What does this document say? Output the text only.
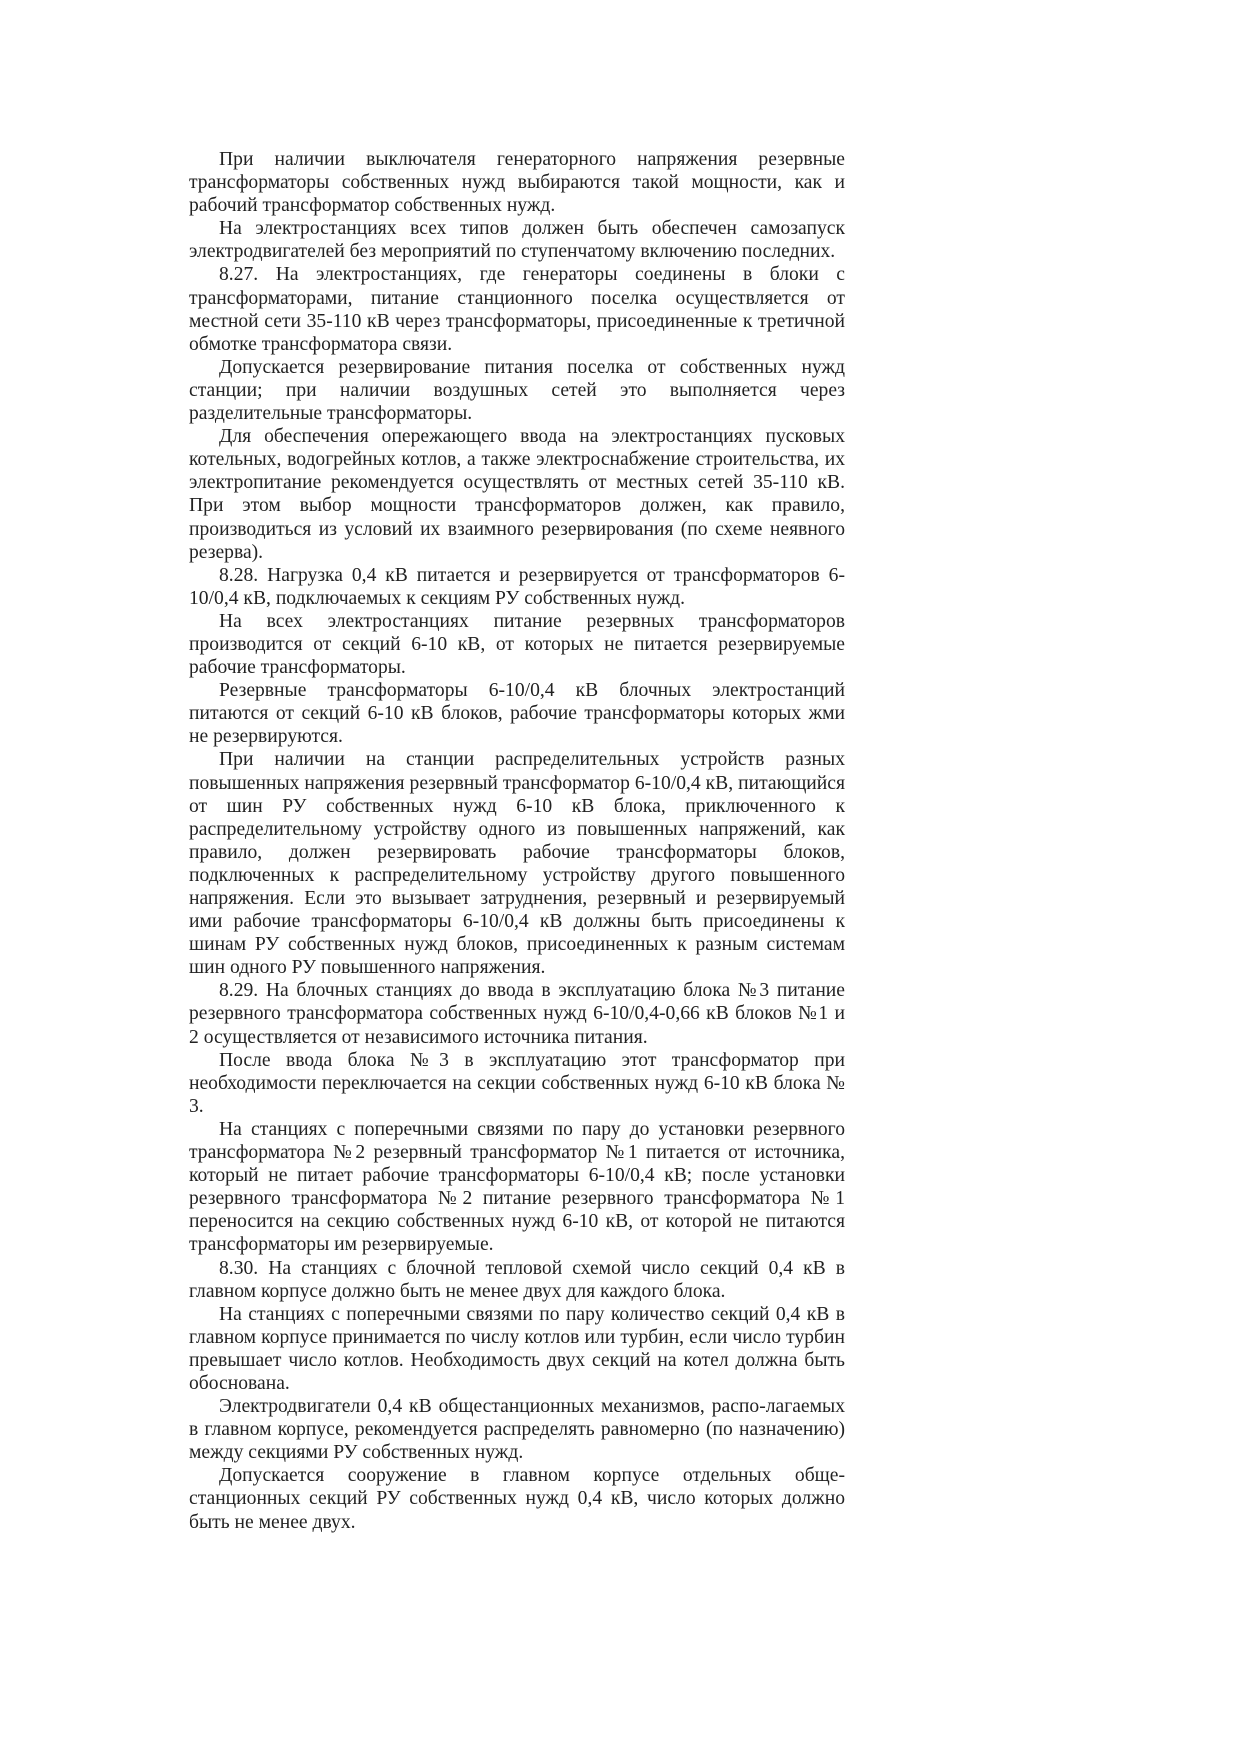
При наличии выключателя генераторного напряжения резервные трансформаторы собственных нужд выбираются такой мощности, как и рабочий трансформатор собственных нужд.

На электростанциях всех типов должен быть обеспечен самозапуск электродвигателей без мероприятий по ступенчатому включению последних.

8.27. На электростанциях, где генераторы соединены в блоки с трансформаторами, питание станционного поселка осуществляется от местной сети 35-110 кВ через трансформаторы, присоединенные к третичной обмотке трансформатора связи.

Допускается резервирование питания поселка от собственных нужд станции; при наличии воздушных сетей это выполняется через разделительные трансформаторы.

Для обеспечения опережающего ввода на электростанциях пусковых котельных, водогрейных котлов, а также электроснабжение строительства, их электропитание рекомендуется осуществлять от местных сетей 35-110 кВ. При этом выбор мощности трансформаторов должен, как правило, производиться из условий их взаимного резервирования (по схеме неявного резерва).

8.28. Нагрузка 0,4 кВ питается и резервируется от трансформаторов 6-10/0,4 кВ, подключаемых к секциям РУ собственных нужд.

На всех электростанциях питание резервных трансформаторов производится от секций 6-10 кВ, от которых не питается резервируемые рабочие трансформаторы.

Резервные трансформаторы 6-10/0,4 кВ блочных электростанций питаются от секций 6-10 кВ блоков, рабочие трансформаторы которых жми не резервируются.

При наличии на станции распределительных устройств разных повышенных напряжения резервный трансформатор 6-10/0,4 кВ, питающийся от шин РУ собственных нужд 6-10 кВ блока, приключенного к распределительному устройству одного из повышенных напряжений, как правило, должен резервировать рабочие трансформаторы блоков, подключенных к распределительному устройству другого повышенного напряжения. Если это вызывает затруднения, резервный и резервируемый ими рабочие трансформаторы 6-10/0,4 кВ должны быть присоединены к шинам РУ собственных нужд блоков, присоединенных к разным системам шин одного РУ повышенного напряжения.

8.29. На блочных станциях до ввода в эксплуатацию блока №3 питание резервного трансформатора собственных нужд 6-10/0,4-0,66 кВ блоков №1 и 2 осуществляется от независимого источника питания.

После ввода блока №3 в эксплуатацию этот трансформатор при необходимости переключается на секции собственных нужд 6-10 кВ блока № 3.

На станциях с поперечными связями по пару до установки резервного трансформатора №2 резервный трансформатор №1 питается от источника, который не питает рабочие трансформаторы 6-10/0,4 кВ; после установки резервного трансформатора №2 питание резервного трансформатора №1 переносится на секцию собственных нужд 6-10 кВ, от которой не питаются трансформаторы им резервируемые.

8.30. На станциях с блочной тепловой схемой число секций 0,4 кВ в главном корпусе должно быть не менее двух для каждого блока.

На станциях с поперечными связями по пару количество секций 0,4 кВ в главном корпусе принимается по числу котлов или турбин, если число турбин превышает число котлов. Необходимость двух секций на котел должна быть обоснована.

Электродвигатели 0,4 кВ общестанционных механизмов, распо-лагаемых в главном корпусе, рекомендуется распределять равномерно (по назначению) между секциями РУ собственных нужд.

Допускается сооружение в главном корпусе отдельных обще-станционных секций РУ собственных нужд 0,4 кВ, число которых должно быть не менее двух.
